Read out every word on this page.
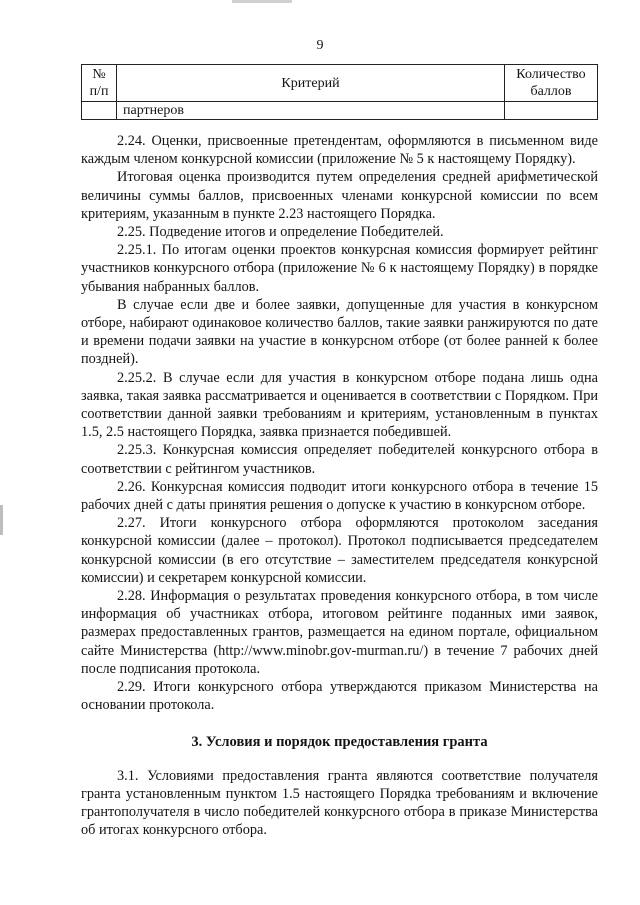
9
№ п/п	Критерий	Количество баллов
	партнеров	

2.24. Оценки, присвоенные претендентам, оформляются в письменном виде каждым членом конкурсной комиссии (приложение № 5 к настоящему Порядку).

Итоговая оценка производится путем определения средней арифметической величины суммы баллов, присвоенных членами конкурсной комиссии по всем критериям, указанным в пункте 2.23 настоящего Порядка.

2.25. Подведение итогов и определение Победителей.

2.25.1. По итогам оценки проектов конкурсная комиссия формирует рейтинг участников конкурсного отбора (приложение № 6 к настоящему Порядку) в порядке убывания набранных баллов.

В случае если две и более заявки, допущенные для участия в конкурсном отборе, набирают одинаковое количество баллов, такие заявки ранжируются по дате и времени подачи заявки на участие в конкурсном отборе (от более ранней к более поздней).

2.25.2. В случае если для участия в конкурсном отборе подана лишь одна заявка, такая заявка рассматривается и оценивается в соответствии с Порядком. При соответствии данной заявки требованиям и критериям, установленным в пунктах 1.5, 2.5 настоящего Порядка, заявка признается победившей.

2.25.3. Конкурсная комиссия определяет победителей конкурсного отбора в соответствии с рейтингом участников.

2.26. Конкурсная комиссия подводит итоги конкурсного отбора в течение 15 рабочих дней с даты принятия решения о допуске к участию в конкурсном отборе.

2.27. Итоги конкурсного отбора оформляются протоколом заседания конкурсной комиссии (далее – протокол). Протокол подписывается председателем конкурсной комиссии (в его отсутствие – заместителем председателя конкурсной комиссии) и секретарем конкурсной комиссии.

2.28. Информация о результатах проведения конкурсного отбора, в том числе информация об участниках отбора, итоговом рейтинге поданных ими заявок, размерах предоставленных грантов, размещается на едином портале, официальном сайте Министерства (http://www.minobr.gov-murman.ru/) в течение 7 рабочих дней после подписания протокола.

2.29. Итоги конкурсного отбора утверждаются приказом Министерства на основании протокола.

3. Условия и порядок предоставления гранта

3.1. Условиями предоставления гранта являются соответствие получателя гранта установленным пунктом 1.5 настоящего Порядка требованиям и включение грантополучателя в число победителей конкурсного отбора в приказе Министерства об итогах конкурсного отбора.
